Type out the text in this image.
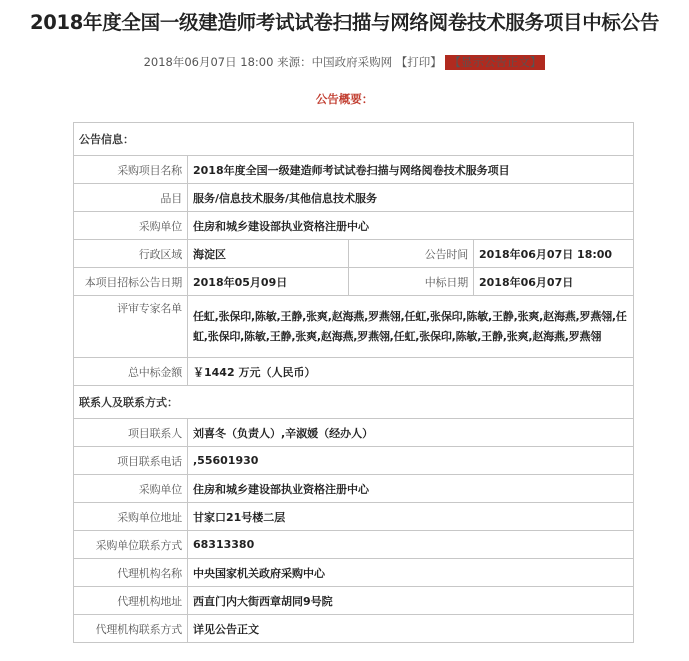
2018年度全国一级建造师考试试卷扫描与网络阅卷技术服务项目中标公告
2018年06月07日 18:00 来源：中国政府采购网 【打印】 【显示公告正文】
公告概要：
公告信息：			
采购项目名称	2018年度全国一级建造师考试试卷扫描与网络阅卷技术服务项目		
品目	服务/信息技术服务/其他信息技术服务		
采购单位	住房和城乡建设部执业资格注册中心		
行政区域	海淀区	公告时间	2018年06月07日 18:00
本项目招标公告日期	2018年05月09日	中标日期	2018年06月07日
评审专家名单	任虹,张保印,陈敏,王静,张爽,赵海燕,罗燕翎,任虹,张保印,陈敏,王静,张爽,赵海燕,罗燕翎,任虹,张保印,陈敏,王静,张爽,赵海燕,罗燕翎,任虹,张保印,陈敏,王静,张爽,赵海燕,罗燕翎		
总中标金额	￥1442 万元（人民币）		
联系人及联系方式：			
项目联系人	刘喜冬（负责人）,辛淑媛（经办人）		
项目联系电话	,55601930		
采购单位	住房和城乡建设部执业资格注册中心		
采购单位地址	甘家口21号楼二层		
采购单位联系方式	68313380		
代理机构名称	中央国家机关政府采购中心		
代理机构地址	西直门内大街西章胡同9号院		
代理机构联系方式	详见公告正文		
